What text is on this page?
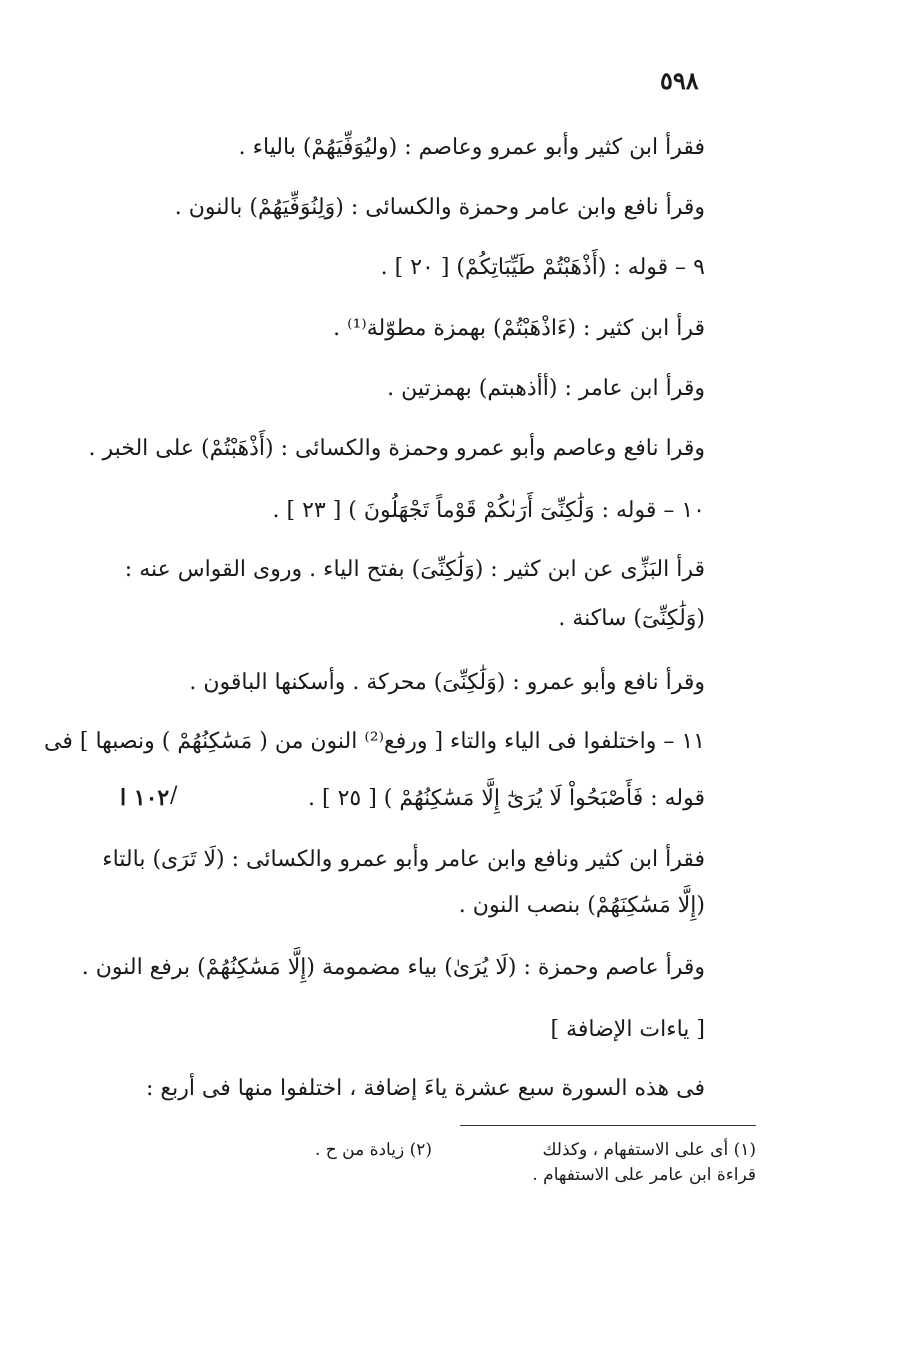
٥٩٨
فقرأ ابن كثير وأبو عمرو وعاصم : (وليُوَفِّيَهُمْ) بالياء .
وقرأ نافع وابن عامر وحمزة والكسائى : (وَلِنُوَفِّيَهُمْ) بالنون .
٩ – قوله : (أَذْهَبْتُمْ طَيِّبَاتِكُمْ) [ ٢٠ ] .
قرأ ابن كثير : (ءَاذْهَبْتُمْ) بهمزة مطوّلة⁽¹⁾ .
وقرأ ابن عامر : (أأذهبتم) بهمزتين .
وقرا نافع وعاصم وأبو عمرو وحمزة والكسائى : (أَذْهَبْتُمْ) على الخبر .
١٠ – قوله : وَلَٰكِنِّىٓ أَرَىٰكُمْ قَوْماً تَجْهَلُونَ ) [ ٢٣ ] .
قرأ البَزِّى عن ابن كثير : (وَلَٰكِنِّىَ) بفتح الياء . وروى القواس عنه :
(وَلَٰكِنِّىٓ) ساكنة .
وقرأ نافع وأبو عمرو : (وَلَٰكِنِّىَ) محركة . وأسكنها الباقون .
١١ – واختلفوا فى الياء والتاء [ ورفع⁽²⁾ النون من ( مَسَٰكِنُهُمْ ) ونصبها ] فى
قوله : فَأَصْبَحُواْ لَا يُرَىٰٓ إِلَّا مَسَٰكِنُهُمْ ) [ ٢٥ ] .
فقرأ ابن كثير ونافع وابن عامر وأبو عمرو والكسائى : (لَا تَرَى) بالتاء
(إِلَّا مَسَٰكِنَهُمْ) بنصب النون .
وقرأ عاصم وحمزة : (لَا يُرَىٰ) بياء مضمومة (إِلَّا مَسَٰكِنُهُمْ) برفع النون .
[ ياءات الإضافة ]
فى هذه السورة سبع عشرة ياءَ إضافة ، اختلفوا منها فى أربع :
١٠٢ ا /
(١) أى على الاستفهام ، وكذلك
قراءة ابن عامر على الاستفهام .
(٢) زيادة من ح .
